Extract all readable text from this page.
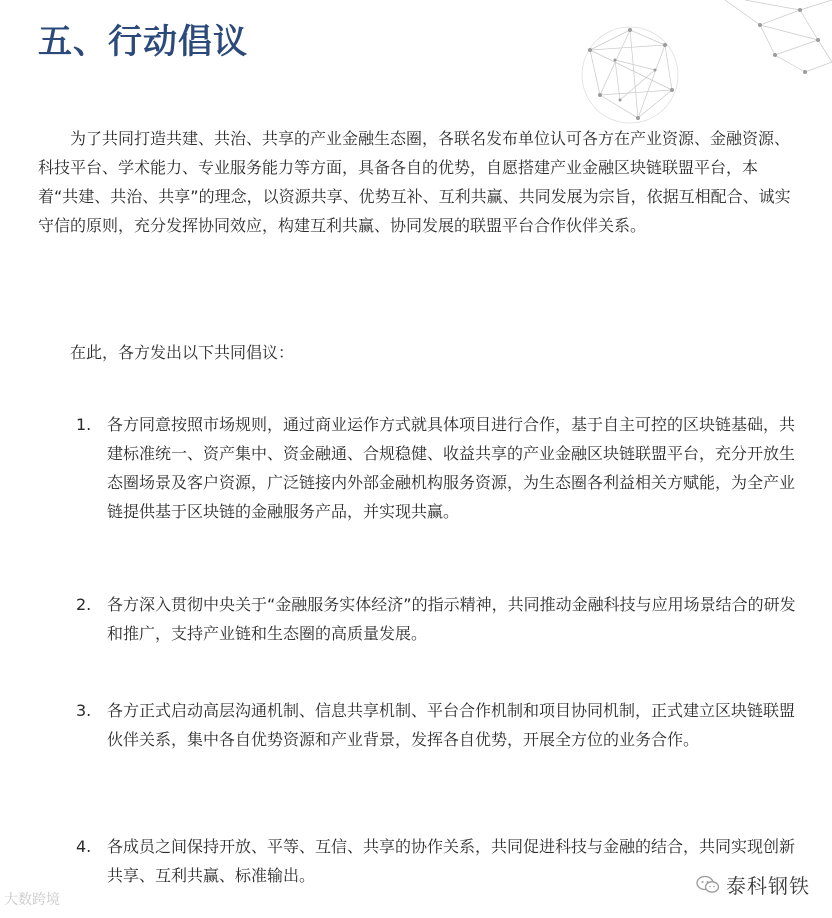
五、行动倡议

为了共同打造共建、共治、共享的产业金融生态圈，各联名发布单位认可各方在产业资源、金融资源、科技平台、学术能力、专业服务能力等方面，具备各自的优势，自愿搭建产业金融区块链联盟平台，本着“共建、共治、共享”的理念，以资源共享、优势互补、互利共赢、共同发展为宗旨，依据互相配合、诚实守信的原则，充分发挥协同效应，构建互利共赢、协同发展的联盟平台合作伙伴关系。

在此，各方发出以下共同倡议：

1. 各方同意按照市场规则，通过商业运作方式就具体项目进行合作，基于自主可控的区块链基础，共建标准统一、资产集中、资金融通、合规稳健、收益共享的产业金融区块链联盟平台，充分开放生态圈场景及客户资源，广泛链接内外部金融机构服务资源，为生态圈各利益相关方赋能，为全产业链提供基于区块链的金融服务产品，并实现共赢。
2. 各方深入贯彻中央关于“金融服务实体经济”的指示精神，共同推动金融科技与应用场景结合的研发和推广，支持产业链和生态圈的高质量发展。
3. 各方正式启动高层沟通机制、信息共享机制、平台合作机制和项目协同机制，正式建立区块链联盟伙伴关系，集中各自优势资源和产业背景，发挥各自优势，开展全方位的业务合作。
4. 各成员之间保持开放、平等、互信、共享的协作关系，共同促进科技与金融的结合，共同实现创新共享、互利共赢、标准输出。
大数跨境
泰科钢铁
